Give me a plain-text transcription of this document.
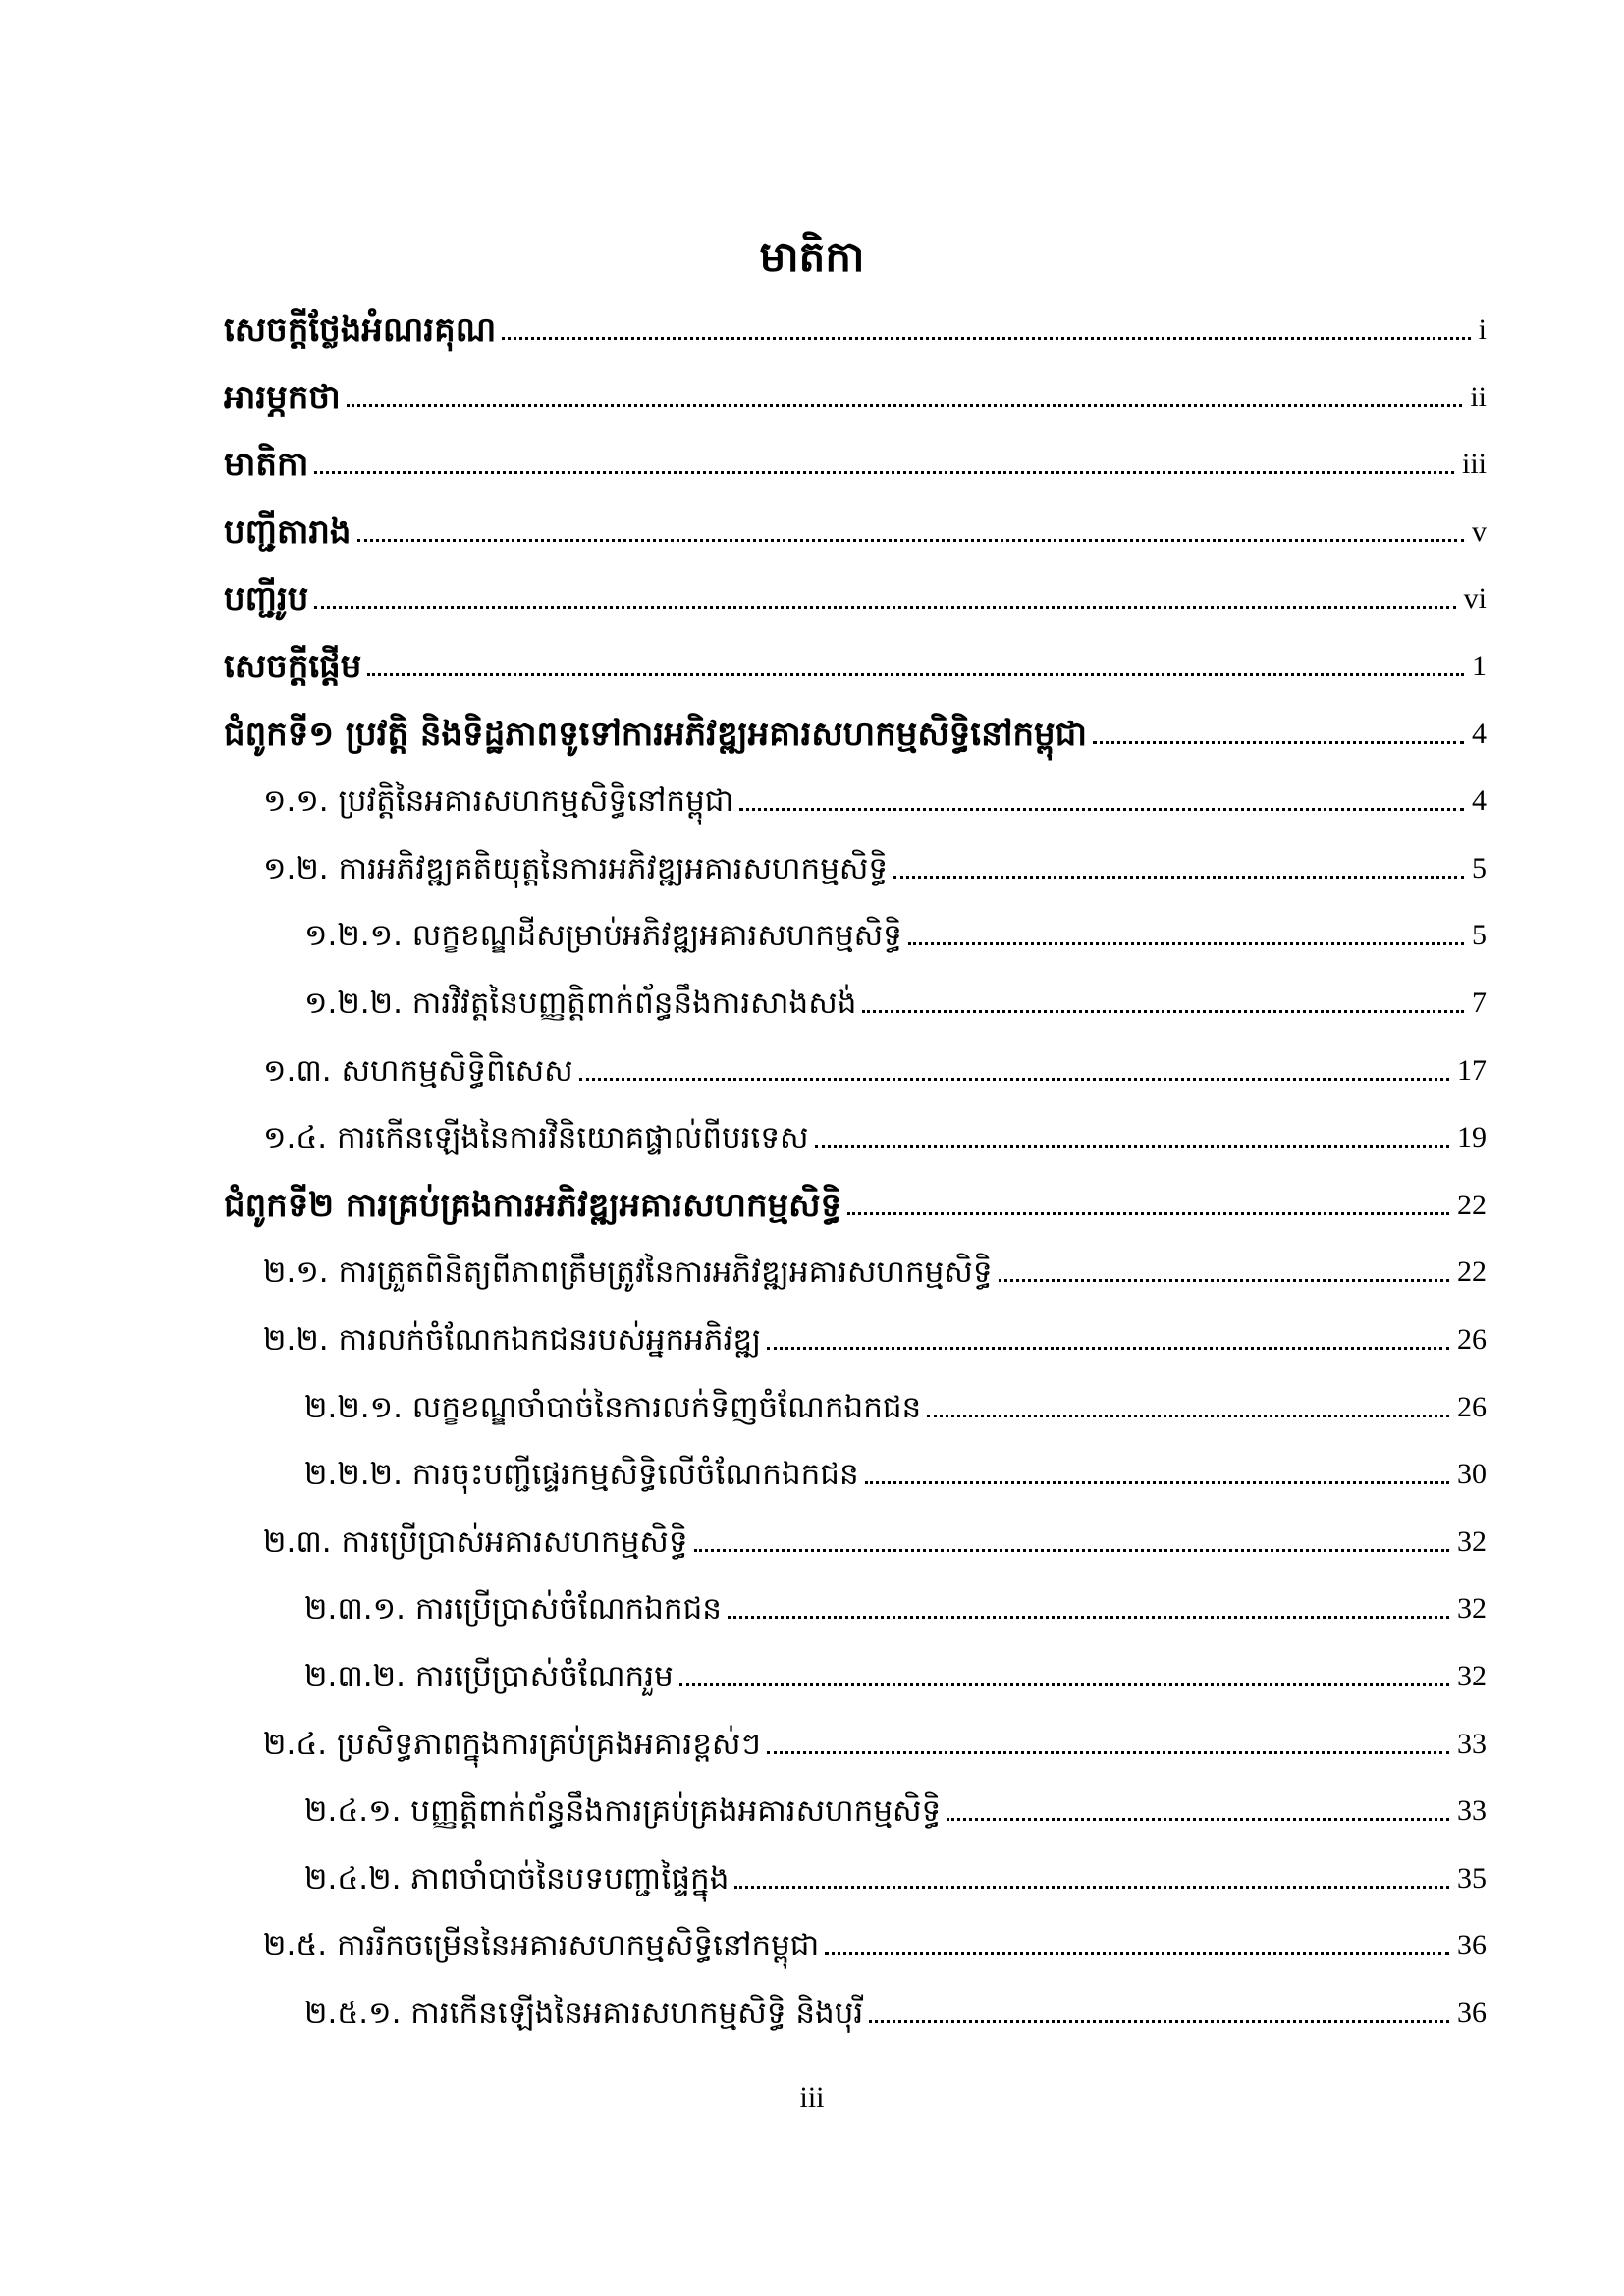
មាតិកា
សេចក្តីថ្លែងអំណរគុណ	i
អារម្ភកថា	ii
មាតិកា	iii
បញ្ជីតារាង	v
បញ្ជីរូប	vi
សេចក្តីផ្តើម	1
ជំពូកទី១ ប្រវត្តិ និងទិដ្ឋភាពទូទៅការអភិវឌ្ឍអគារសហកម្មសិទ្ធិនៅកម្ពុជា	4
១.១. ប្រវត្តិនៃអគារសហកម្មសិទ្ធិនៅកម្ពុជា	4
១.២. ការអភិវឌ្ឍគតិយុត្តនៃការអភិវឌ្ឍអគារសហកម្មសិទ្ធិ	5
១.២.១. លក្ខខណ្ឌដីសម្រាប់អភិវឌ្ឍអគារសហកម្មសិទ្ធិ	5
១.២.២. ការវិវត្តនៃបញ្ញត្តិពាក់ព័ន្ធនឹងការសាងសង់	7
១.៣. សហកម្មសិទ្ធិពិសេស	17
១.៤. ការកើនឡើងនៃការវិនិយោគផ្ទាល់ពីបរទេស	19
ជំពូកទី២ ការគ្រប់គ្រងការអភិវឌ្ឍអគារសហកម្មសិទ្ធិ	22
២.១. ការត្រួតពិនិត្យពីភាពត្រឹមត្រូវនៃការអភិវឌ្ឍអគារសហកម្មសិទ្ធិ	22
២.២. ការលក់ចំណែកឯកជនរបស់អ្នកអភិវឌ្ឍ	26
២.២.១. លក្ខខណ្ឌចាំបាច់នៃការលក់ទិញចំណែកឯកជន	26
២.២.២. ការចុះបញ្ជីផ្ទេរកម្មសិទ្ធិលើចំណែកឯកជន	30
២.៣. ការប្រើប្រាស់អគារសហកម្មសិទ្ធិ	32
២.៣.១. ការប្រើប្រាស់ចំណែកឯកជន	32
២.៣.២. ការប្រើប្រាស់ចំណែករួម	32
២.៤. ប្រសិទ្ធភាពក្នុងការគ្រប់គ្រងអគារខ្ពស់ៗ	33
២.៤.១. បញ្ញត្តិពាក់ព័ន្ធនឹងការគ្រប់គ្រងអគារសហកម្មសិទ្ធិ	33
២.៤.២. ភាពចាំបាច់នៃបទបញ្ជាផ្ទៃក្នុង	35
២.៥. ការរីកចម្រើននៃអគារសហកម្មសិទ្ធិនៅកម្ពុជា	36
២.៥.១. ការកើនឡើងនៃអគារសហកម្មសិទ្ធិ និងបុរី	36
iii
